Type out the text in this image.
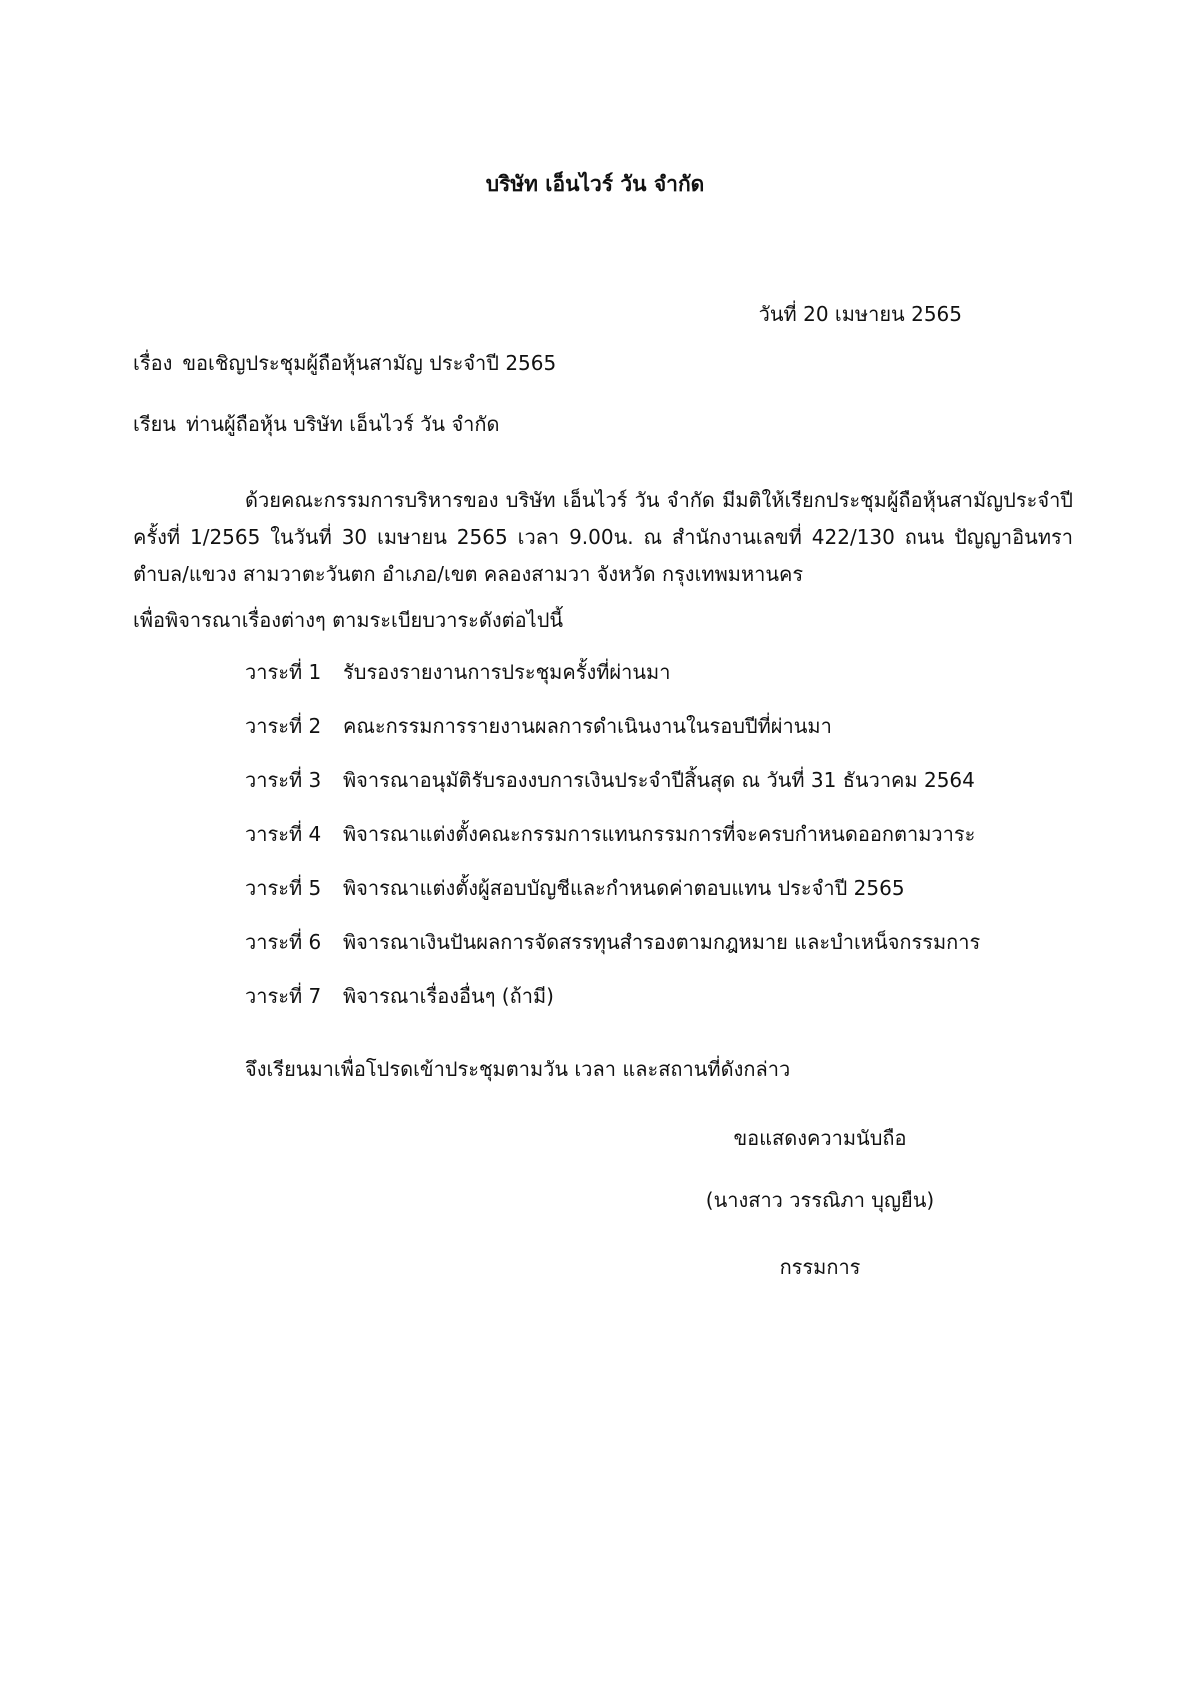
บริษัท เอ็นไวร์ วัน จำกัด
วันที่ 20 เมษายน 2565
เรื่อง ขอเชิญประชุมผู้ถือหุ้นสามัญ ประจำปี 2565
เรียน ท่านผู้ถือหุ้น บริษัท เอ็นไวร์ วัน จำกัด
ด้วยคณะกรรมการบริหารของ บริษัท เอ็นไวร์ วัน จำกัด มีมติให้เรียกประชุมผู้ถือหุ้นสามัญประจำปี ครั้งที่ 1/2565 ในวันที่ 30 เมษายน 2565 เวลา 9.00น. ณ สำนักงานเลขที่ 422/130 ถนน ปัญญาอินทรา ตำบล/แขวง สามวาตะวันตก อำเภอ/เขต คลองสามวา จังหวัด กรุงเทพมหานคร
เพื่อพิจารณาเรื่องต่างๆ ตามระเบียบวาระดังต่อไปนี้
วาระที่ 1	รับรองรายงานการประชุมครั้งที่ผ่านมา
วาระที่ 2	คณะกรรมการรายงานผลการดำเนินงานในรอบปีที่ผ่านมา
วาระที่ 3	พิจารณาอนุมัติรับรองงบการเงินประจำปีสิ้นสุด ณ วันที่ 31 ธันวาคม 2564
วาระที่ 4	พิจารณาแต่งตั้งคณะกรรมการแทนกรรมการที่จะครบกำหนดออกตามวาระ
วาระที่ 5	พิจารณาแต่งตั้งผู้สอบบัญชีและกำหนดค่าตอบแทน ประจำปี 2565
วาระที่ 6	พิจารณาเงินปันผลการจัดสรรทุนสำรองตามกฎหมาย และบำเหน็จกรรมการ
วาระที่ 7	พิจารณาเรื่องอื่นๆ (ถ้ามี)
จึงเรียนมาเพื่อโปรดเข้าประชุมตามวัน เวลา และสถานที่ดังกล่าว
ขอแสดงความนับถือ
(นางสาว วรรณิภา บุญยืน)
กรรมการ
